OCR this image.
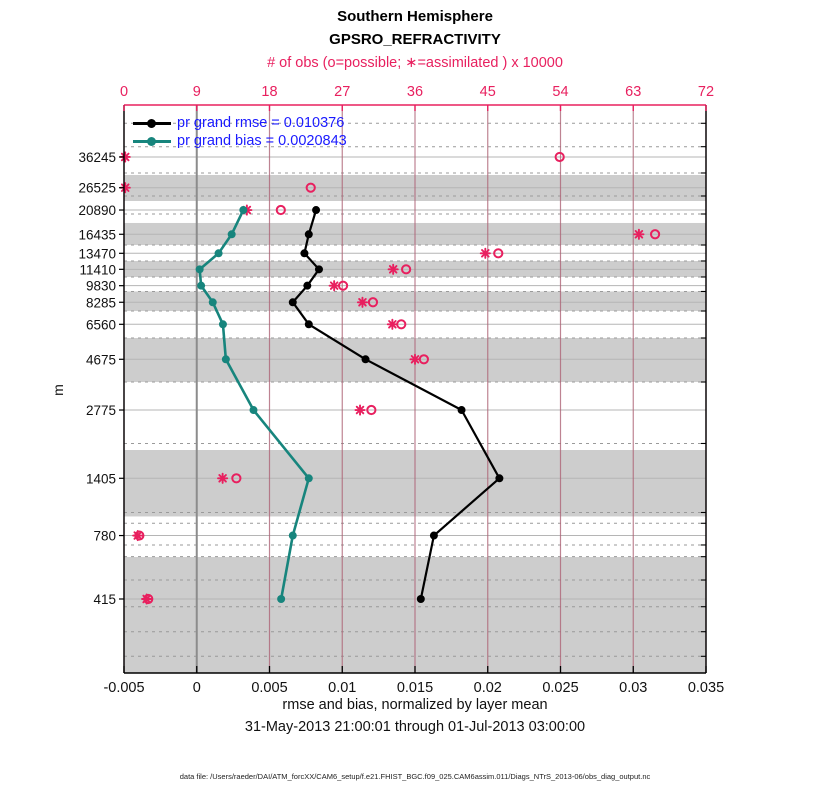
Southern Hemisphere
GPSRO_REFRACTIVITY
# of obs (o=possible; ∗=assimilated ) x 10000
0	9	18	27	36	45	54	63	72
-0.005	0	0.005	0.01	0.015	0.02	0.025	0.03	0.035
36245
26525
20890
16435
13470
11410
9830
8285
6560
4675
2775
1405
780
415
m
rmse and bias, normalized by layer mean
31-May-2013 21:00:01 through 01-Jul-2013 03:00:00
pr grand rmse = 0.010376
pr grand bias = 0.0020843
data file: /Users/raeder/DAI/ATM_forcXX/CAM6_setup/f.e21.FHIST_BGC.f09_025.CAM6assim.011/Diags_NTrS_2013-06/obs_diag_output.nc
